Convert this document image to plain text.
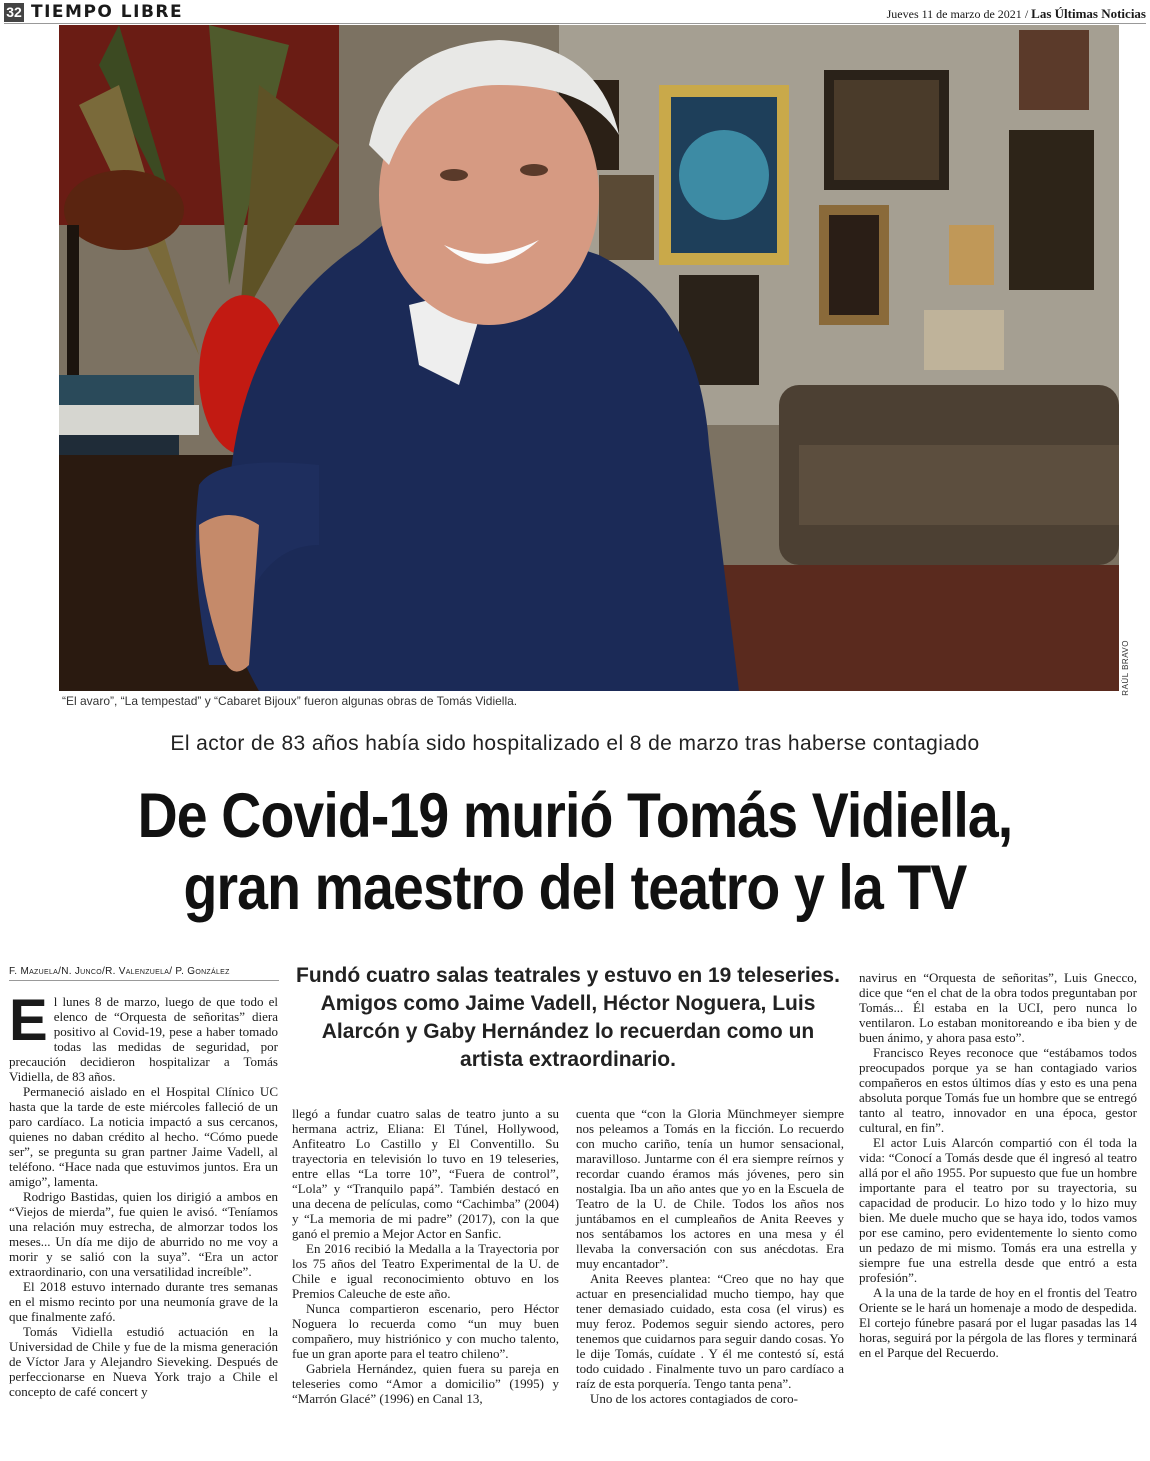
32 TIEMPO LIBRE	Jueves 11 de marzo de 2021 / Las Últimas Noticias
RAÚL BRAVO
“El avaro”, “La tempestad” y “Cabaret Bijoux” fueron algunas obras de Tomás Vidiella.
El actor de 83 años había sido hospitalizado el 8 de marzo tras haberse contagiado
De Covid-19 murió Tomás Vidiella,
gran maestro del teatro y la TV
F. Mazuela/N. Junco/R. Valenzuela/ P. González	Fundó cuatro salas teatrales y estuvo en 19 teleseries. Amigos como Jaime Vadell, Héctor Noguera, Luis Alarcón y Gaby Hernández lo recuerdan como un artista extraordinario.

El lunes 8 de marzo, luego de que todo el elenco de “Orquesta de señoritas” diera positivo al Covid-19, pese a haber tomado todas las medidas de seguridad, por precaución decidieron hospitalizar a Tomás Vidiella, de 83 años.

Permaneció aislado en el Hospital Clínico UC hasta que la tarde de este miércoles falleció de un paro cardíaco. La noticia impactó a sus cercanos, quienes no daban crédito al hecho. “Cómo puede ser”, se pregunta su gran partner Jaime Vadell, al teléfono. “Hace nada que estuvimos juntos. Era un amigo”, lamenta.

Rodrigo Bastidas, quien los dirigió a ambos en “Viejos de mierda”, fue quien le avisó. “Teníamos una relación muy estrecha, de almorzar todos los meses... Un día me dijo de aburrido no me voy a morir y se salió con la suya”. “Era un actor extraordinario, con una versatilidad increíble”.

El 2018 estuvo internado durante tres semanas en el mismo recinto por una neumonía grave de la que finalmente zafó.

Tomás Vidiella estudió actuación en la Universidad de Chile y fue de la misma generación de Víctor Jara y Alejandro Sieveking. Después de perfeccionarse en Nueva York trajo a Chile el concepto de café concert y

llegó a fundar cuatro salas de teatro junto a su hermana actriz, Eliana: El Túnel, Hollywood, Anfiteatro Lo Castillo y El Conventillo. Su trayectoria en televisión lo tuvo en 19 teleseries, entre ellas “La torre 10”, “Fuera de control”, “Lola” y “Tranquilo papá”. También destacó en una decena de películas, como “Cachimba” (2004) y “La memoria de mi padre” (2017), con la que ganó el premio a Mejor Actor en Sanfic.

En 2016 recibió la Medalla a la Trayectoria por los 75 años del Teatro Experimental de la U. de Chile e igual reconocimiento obtuvo en los Premios Caleuche de este año.

Nunca compartieron escenario, pero Héctor Noguera lo recuerda como “un muy buen compañero, muy histriónico y con mucho talento, fue un gran aporte para el teatro chileno”.

Gabriela Hernández, quien fuera su pareja en teleseries como “Amor a domicilio” (1995) y “Marrón Glacé” (1996) en Canal 13,

cuenta que “con la Gloria Münchmeyer siempre nos peleamos a Tomás en la ficción. Lo recuerdo con mucho cariño, tenía un humor sensacional, maravilloso. Juntarme con él era siempre reírnos y recordar cuando éramos más jóvenes, pero sin nostalgia. Iba un año antes que yo en la Escuela de Teatro de la U. de Chile. Todos los años nos juntábamos en el cumpleaños de Anita Reeves y nos sentábamos los actores en una mesa y él llevaba la conversación con sus anécdotas. Era muy encantador”.

Anita Reeves plantea: “Creo que no hay que actuar en presencialidad mucho tiempo, hay que tener demasiado cuidado, esta cosa (el virus) es muy feroz. Podemos seguir siendo actores, pero tenemos que cuidarnos para seguir dando cosas. Yo le dije Tomás, cuídate . Y él me contestó sí, está todo cuidado . Finalmente tuvo un paro cardíaco a raíz de esta porquería. Tengo tanta pena”.

Uno de los actores contagiados de coro-

navirus en “Orquesta de señoritas”, Luis Gnecco, dice que “en el chat de la obra todos preguntaban por Tomás... Él estaba en la UCI, pero nunca lo ventilaron. Lo estaban monitoreando e iba bien y de buen ánimo, y ahora pasa esto”.

Francisco Reyes reconoce que “estábamos todos preocupados porque ya se han contagiado varios compañeros en estos últimos días y esto es una pena absoluta porque Tomás fue un hombre que se entregó tanto al teatro, innovador en una época, gestor cultural, en fin”.

El actor Luis Alarcón compartió con él toda la vida: “Conocí a Tomás desde que él ingresó al teatro allá por el año 1955. Por supuesto que fue un hombre importante para el teatro por su trayectoria, su capacidad de producir. Lo hizo todo y lo hizo muy bien. Me duele mucho que se haya ido, todos vamos por ese camino, pero evidentemente lo siento como un pedazo de mi mismo. Tomás era una estrella y siempre fue una estrella desde que entró a esta profesión”.

A la una de la tarde de hoy en el frontis del Teatro Oriente se le hará un homenaje a modo de despedida. El cortejo fúnebre pasará por el lugar pasadas las 14 horas, seguirá por la pérgola de las flores y terminará en el Parque del Recuerdo.
